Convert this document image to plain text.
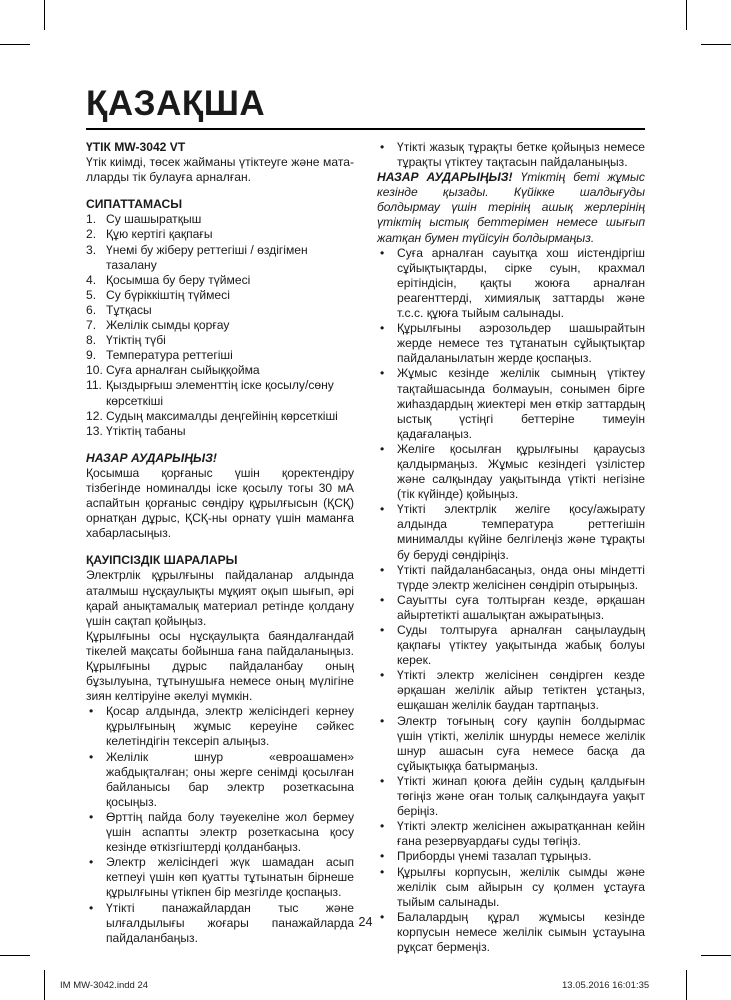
ҚАЗАҚША

ҮТІК MW-3042 VT

Үтік киімді, төсек жайманы үтіктеуге және мата-лларды тік булауға арналған.

СИПАТТАМАСЫ

1. Су шашыратқыш
2. Құю кертігі қақпағы
3. Үнемі бу жіберу реттегіші / өздігімен тазалану
4. Қосымша бу беру түймесі
5. Су бүріккіштің түймесі
6. Тұтқасы
7. Желілік сымды қорғау
8. Үтіктің түбі
9. Температура реттегіші
10. Суға арналған сыйыққойма
11. Қыздырғыш элементтің іске қосылу/сөну көрсеткіші
12. Судың максималды деңгейінің көрсеткіші
13. Үтіктің табаны

НАЗАР АУДАРЫҢЫЗ!

Қосымша қорғаныс үшін қоректендіру тізбегінде номиналды іске қосылу тогы 30 мА аспайтын қорғаныс сөндіру құрылғысын (ҚСҚ) орнатқан дұрыс, ҚСҚ-ны орнату үшін маманға хабарласыңыз.

ҚАУІПСІЗДІК ШАРАЛАРЫ

Электрлік құрылғыны пайдаланар алдында аталмыш нұсқаулықты мұқият оқып шығып, әрі қарай анықтамалық материал ретінде қолдану үшін сақтап қойыңыз.

Құрылғыны осы нұсқаулықта баяндалғандай тікелей мақсаты бойынша ғана пайдаланыңыз. Құрылғыны дұрыс пайдаланбау оның бұзылуына, тұтынушыға немесе оның мүлігіне зиян келтіруіне әкелуі мүмкін.

• Қосар алдында, электр желісіндегі кернеу құрылғының жұмыс кереуіне сәйкес келетіндігін тексеріп алыңыз.
• Желілік шнур «евроашамен» жабдықталған; оны жерге сенімді қосылған байланысы бар электр розеткасына қосыңыз.
• Өрттің пайда болу тәуекеліне жол бермеу үшін аспапты электр розеткасына қосу кезінде өткізгіштерді қолданбаңыз.
• Электр желісіндегі жүк шамадан асып кетпеуі үшін көп қуатты тұтынатын бірнеше құрылғыны үтікпен бір мезгілде қоспаңыз.
• Үтікті панажайлардан тыс және ылғалдылығы жоғары панажайларда пайдаланбаңыз.
• Үтікті жазық тұрақты бетке қойыңыз немесе тұрақты үтіктеу тақтасын пайдаланыңыз.

НАЗАР АУДАРЫҢЫЗ! Үтіктің беті жұмыс кезінде қызады. Күйікке шалдығуды болдырмау үшін терінің ашық жерлерінің үтіктің ыстық беттерімен немесе шығып жатқан бумен түйісуін болдырмаңыз.

• Суға арналған сауытқа хош иістендіргіш сұйықтықтарды, сірке суын, крахмал ерітіндісін, қақты жоюға арналған реагенттерді, химиялық заттарды және т.с.с. құюға тыйым салынады.
• Құрылғыны аэрозольдер шашырайтын жерде немесе тез тұтанатын сұйықтықтар пайдаланылатын жерде қоспаңыз.
• Жұмыс кезінде желілік сымның үтіктеу тақтайшасында болмауын, сонымен бірге жиһаздардың жиектері мен өткір заттардың ыстық үстіңгі беттеріне тимеуін қадағалаңыз.
• Желіге қосылған құрылғыны қараусыз қалдырмаңыз. Жұмыс кезіндегі үзілістер және салқындау уақытында үтікті негізіне (тік күйінде) қойыңыз.
• Үтікті электрлік желіге қосу/ажырату алдында температура реттегішін минималды күйіне белгілеңіз және тұрақты бу беруді сөндіріңіз.
• Үтікті пайдаланбасаңыз, онда оны міндетті түрде электр желісінен сөндіріп отырыңыз.
• Сауытты суға толтырған кезде, әрқашан айыртетікті ашалықтан ажыратыңыз.
• Суды толтыруға арналған саңылаудың қақпағы үтіктеу уақытында жабық болуы керек.
• Үтікті электр желісінен сөндірген кезде әрқашан желілік айыр тетіктен ұстаңыз, ешқашан желілік баудан тартпаңыз.
• Электр тоғының соғу қаупін болдырмас үшін үтікті, желілік шнурды немесе желілік шнур ашасын суға немесе басқа да сұйықтыққа батырмаңыз.
• Үтікті жинап қоюға дейін судың қалдығын төгіңіз және оған толық салқындауға уақыт беріңіз.
• Үтікті электр желісінен ажыратқаннан кейін ғана резервуардағы суды төгіңіз.
• Приборды үнемі тазалап тұрыңыз.
• Құрылғы корпусын, желілік сымды және желілік сым айырын су қолмен ұстауға тыйым салынады.
• Балалардың құрал жұмысы кезінде корпусын немесе желілік сымын ұстауына рұқсат бермеңіз.
24
IM MW-3042.indd 24	13.05.2016 16:01:35
